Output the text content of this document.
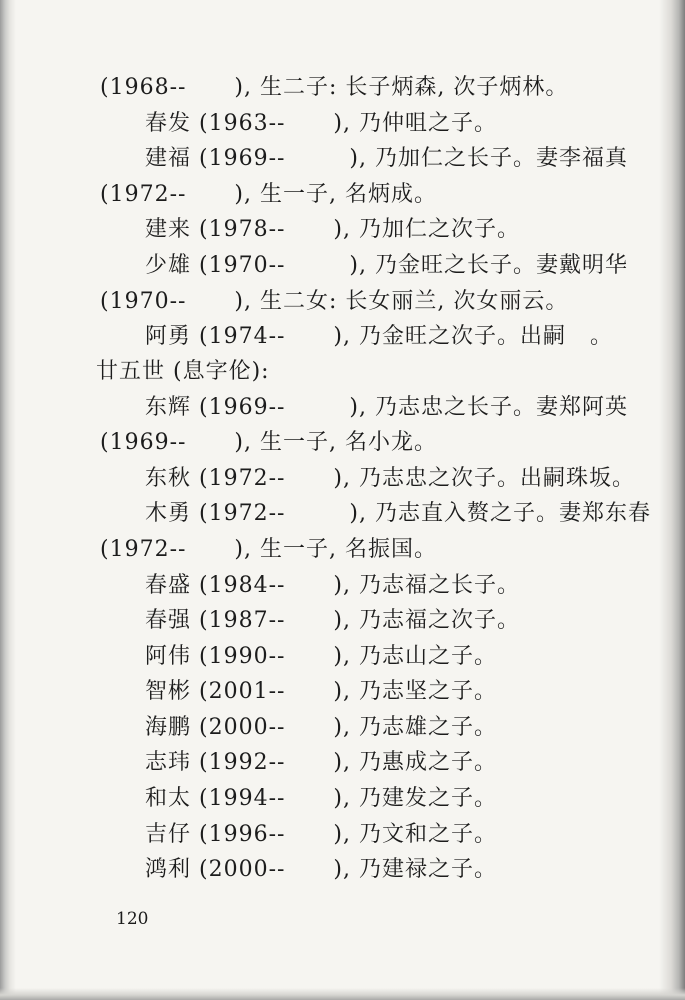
(1968--      ), 生二子: 长子炳森, 次子炳林。
春发 (1963--      ), 乃仲咀之子。
建福 (1969--        ), 乃加仁之长子。妻李福真
(1972--      ), 生一子, 名炳成。
建来 (1978--      ), 乃加仁之次子。
少雄 (1970--        ), 乃金旺之长子。妻戴明华
(1970--      ), 生二女: 长女丽兰, 次女丽云。
阿勇 (1974--      ), 乃金旺之次子。出嗣   。
廿五世 (息字伦):
东辉 (1969--        ), 乃志忠之长子。妻郑阿英
(1969--      ), 生一子, 名小龙。
东秋 (1972--      ), 乃志忠之次子。出嗣珠坂。
木勇 (1972--        ), 乃志直入赘之子。妻郑东春
(1972--      ), 生一子, 名振国。
春盛 (1984--      ), 乃志福之长子。
春强 (1987--      ), 乃志福之次子。
阿伟 (1990--      ), 乃志山之子。
智彬 (2001--      ), 乃志坚之子。
海鹏 (2000--      ), 乃志雄之子。
志玮 (1992--      ), 乃惠成之子。
和太 (1994--      ), 乃建发之子。
吉仔 (1996--      ), 乃文和之子。
鸿利 (2000--      ), 乃建禄之子。
120
